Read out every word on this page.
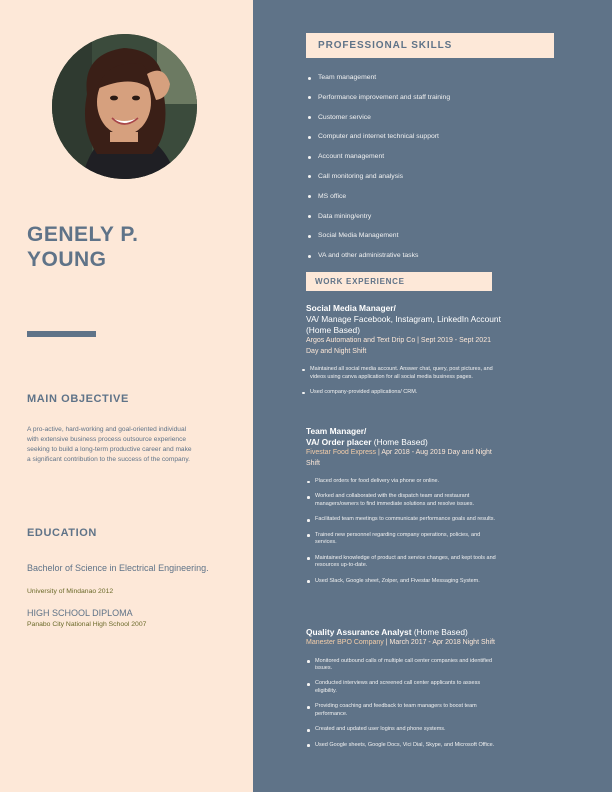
GENELY P.
YOUNG
MAIN OBJECTIVE
A pro-active, hard-working and goal-oriented individual with extensive business process outsource experience seeking to build a long-term productive career and make a significant contribution to the success of the company.
EDUCATION
Bachelor of Science in Electrical Engineering.
University of Mindanao 2012
HIGH SCHOOL DIPLOMA
Panabo City National High School 2007
PROFESSIONAL SKILLS
Team management
Performance improvement and staff training
Customer service
Computer and internet technical support
Account management
Call monitoring and analysis
MS office
Data mining/entry
Social Media Management
VA and other administrative tasks
WORK EXPERIENCE
Social Media Manager/
VA/ Manage Facebook, Instagram, LinkedIn Account (Home Based)
Argos Automation and Text Drip Co | Sept 2019 - Sept 2021 Day and Night Shift
Maintained all social media account. Answer chat, query, post pictures, and videos using canva application for all social media business pages.
Used company-provided applications/ CRM.
Team Manager/
VA/ Order placer (Home Based)
Fivestar Food Express | Apr 2018 - Aug 2019 Day and Night Shift
Placed orders for food delivery via phone or online.
Worked and collaborated with the dispatch team and restaurant managers/owners to find immediate solutions and resolve issues.
Facilitated team meetings to communicate performance goals and results.
Trained new personnel regarding company operations, policies, and services.
Maintained knowledge of product and service changes, and kept tools and resources up-to-date.
Used Slack, Google sheet, Zolper, and Fivestar Messaging System.
Quality Assurance Analyst (Home Based)
Manester BPO Company | March 2017 - Apr 2018 Night Shift
Monitored outbound calls of multiple call center companies and identified issues.
Conducted interviews and screened call center applicants to assess eligibility.
Providing coaching and feedback to team managers to boost team performance.
Created and updated user logins and phone systems.
Used Google sheets, Google Docs, Vici Dial, Skype, and Microsoft Office.
